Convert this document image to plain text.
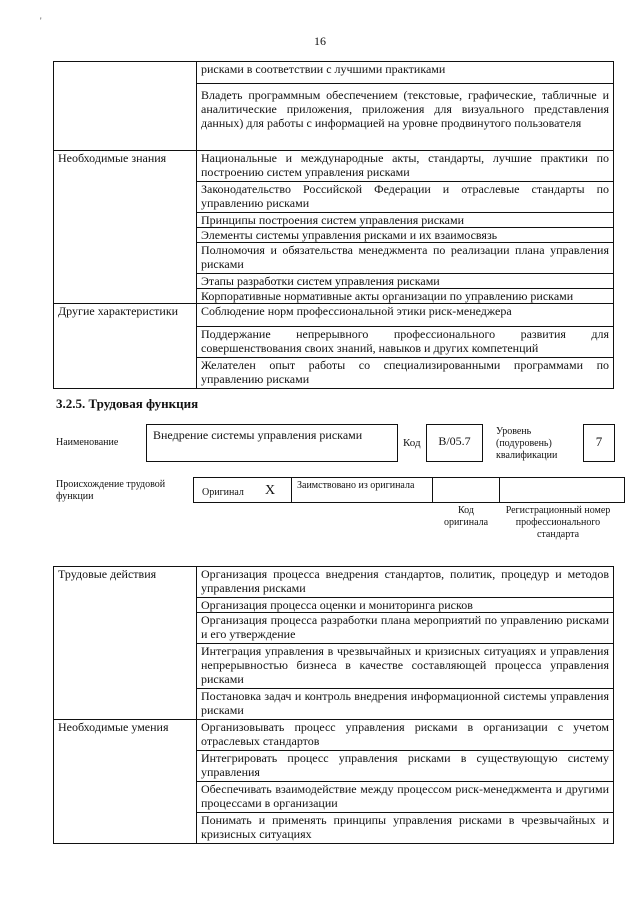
'
16
	рисками в соответствии с лучшими практиками
	Владеть программным обеспечением (текстовые, графические, табличные и аналитические приложения, приложения для визуального представления данных) для работы с информацией на уровне продвинутого пользователя
Необходимые знания	Национальные и международные акты, стандарты, лучшие практики по построению систем управления рисками
	Законодательство Российской Федерации и отраслевые стандарты по управлению рисками
	Принципы построения систем управления рисками
	Элементы системы управления рисками и их взаимосвязь
	Полномочия и обязательства менеджмента по реализации плана управления рисками
	Этапы разработки систем управления рисками
	Корпоративные нормативные акты организации по управлению рисками
Другие характеристики	Соблюдение норм профессиональной этики риск-менеджера
	Поддержание непрерывного профессионального развития для совершенствования своих знаний, навыков и других компетенций
	Желателен опыт работы со специализированными программами по управлению рисками
3.2.5. Трудовая функция
Наименование
Внедрение системы управления рисками
Код	B/05.7
Уровень (подуровень) квалификации
7
Происхождение трудовой функции	Оригинал X Заимствовано из оригинала
Код оригинала
Регистрационный номер профессионального стандарта
Трудовые действия	Организация процесса внедрения стандартов, политик, процедур и методов управления рисками
	Организация процесса оценки и мониторинга рисков
	Организация процесса разработки плана мероприятий по управлению рисками и его утверждение
	Интеграция управления в чрезвычайных и кризисных ситуациях и управления непрерывностью бизнеса в качестве составляющей процесса управления рисками
	Постановка задач и контроль внедрения информационной системы управления рисками
Необходимые умения	Организовывать процесс управления рисками в организации с учетом отраслевых стандартов
	Интегрировать процесс управления рисками в существующую систему управления
	Обеспечивать взаимодействие между процессом риск-менеджмента и другими процессами в организации
	Понимать и применять принципы управления рисками в чрезвычайных и кризисных ситуациях
